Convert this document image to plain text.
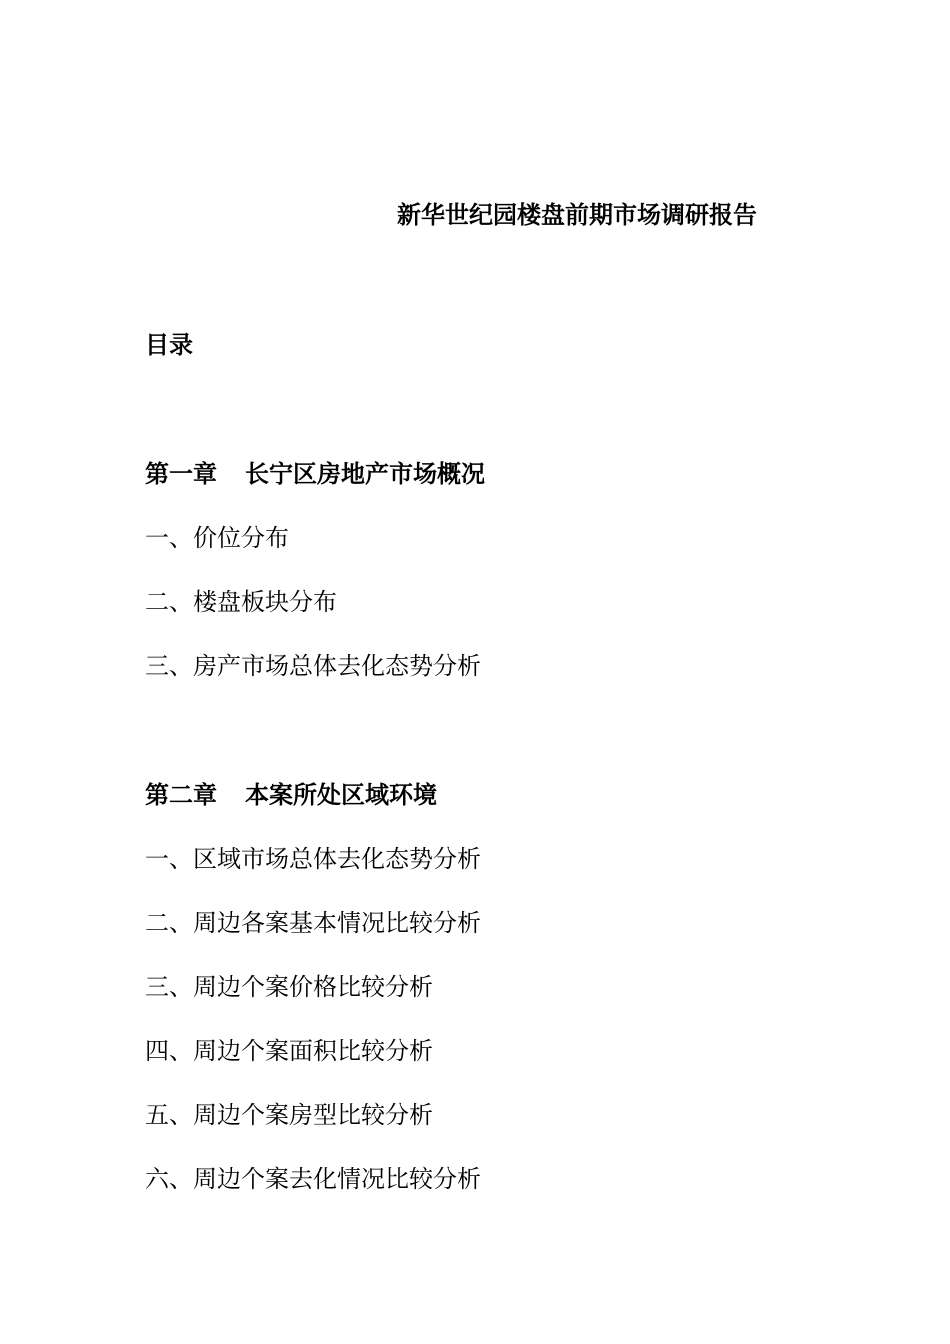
新华世纪园楼盘前期市场调研报告
目录
第一章 长宁区房地产市场概况
一、价位分布
二、楼盘板块分布
三、房产市场总体去化态势分析
第二章 本案所处区域环境
一、区域市场总体去化态势分析
二、周边各案基本情况比较分析
三、周边个案价格比较分析
四、周边个案面积比较分析
五、周边个案房型比较分析
六、周边个案去化情况比较分析
